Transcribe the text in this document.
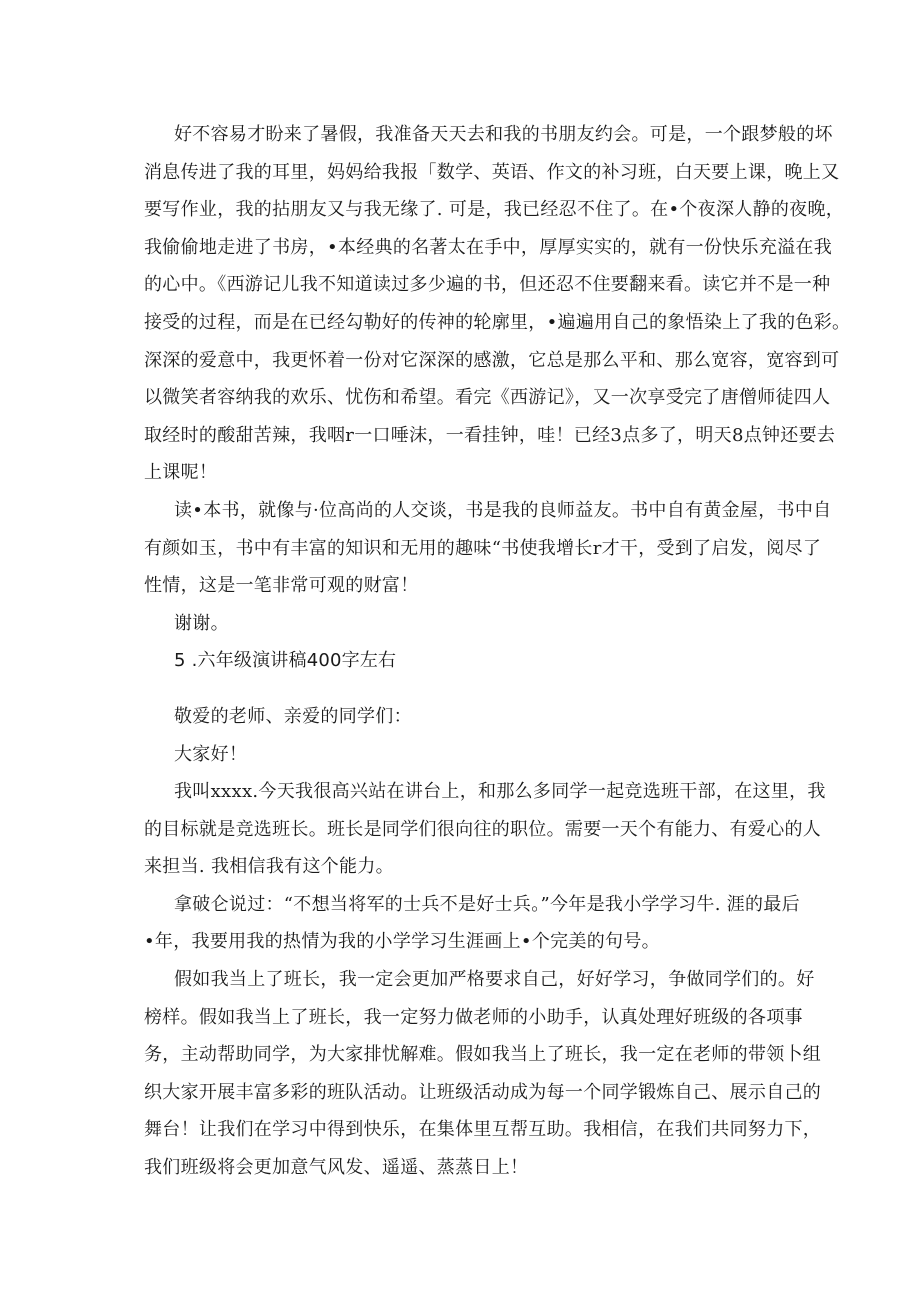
好不容易才盼来了暑假，我准备天天去和我的书朋友约会。可是，一个跟梦般的坏
消息传进了我的耳里，妈妈给我报「数学、英语、作文的补习班，白天要上课，晚上又
要写作业，我的拈朋友又与我无缘了. 可是，我已经忍不住了。在•个夜深人静的夜晚，
我偷偷地走进了书房，•本经典的名著太在手中，厚厚实实的，就有一份快乐充溢在我
的心中。《西游记儿我不知道读过多少遍的书，但还忍不住要翻来看。读它并不是一种
接受的过程，而是在已经勾勒好的传神的轮廓里，•遍遍用自己的象悟染上了我的色彩。
深深的爱意中，我更怀着一份对它深深的感激，它总是那么平和、那么宽容，宽容到可
以微笑者容纳我的欢乐、忧伤和希望。看完《西游记》，又一次享受完了唐僧师徒四人
取经时的酸甜苦辣，我咽r一口唾沫，一看挂钟，哇！已经3点多了，明天8点钟还要去
上课呢！

读•本书，就像与·位高尚的人交谈，书是我的良师益友。书中自有黄金屋，书中自
有颜如玉，书中有丰富的知识和无用的趣味“书使我增长r才干，受到了启发，阅尽了
性情，这是一笔非常可观的财富！

谢谢。

5 .六年级演讲稿400字左右

敬爱的老师、亲爱的同学们：

大家好！

我叫xxxx.今天我很高兴站在讲台上，和那么多同学一起竞选班干部，在这里，我
的目标就是竞选班长。班长是同学们很向往的职位。需要一天个有能力、有爱心的人
来担当. 我相信我有这个能力。

拿破仑说过：“不想当将军的士兵不是好士兵。”今年是我小学学习牛. 涯的最后
•年，我要用我的热情为我的小学学习生涯画上•个完美的句号。

假如我当上了班长，我一定会更加严格要求自己，好好学习，争做同学们的。好
榜样。假如我当上了班长，我一定努力做老师的小助手，认真处理好班级的各项事
务，主动帮助同学，为大家排忧解难。假如我当上了班长，我一定在老师的带领卜组
织大家开展丰富多彩的班队活动。让班级活动成为每一个同学锻炼自己、展示自己的
舞台！让我们在学习中得到快乐，在集体里互帮互助。我相信，在我们共同努力下，
我们班级将会更加意气风发、遥遥、蒸蒸日上！
